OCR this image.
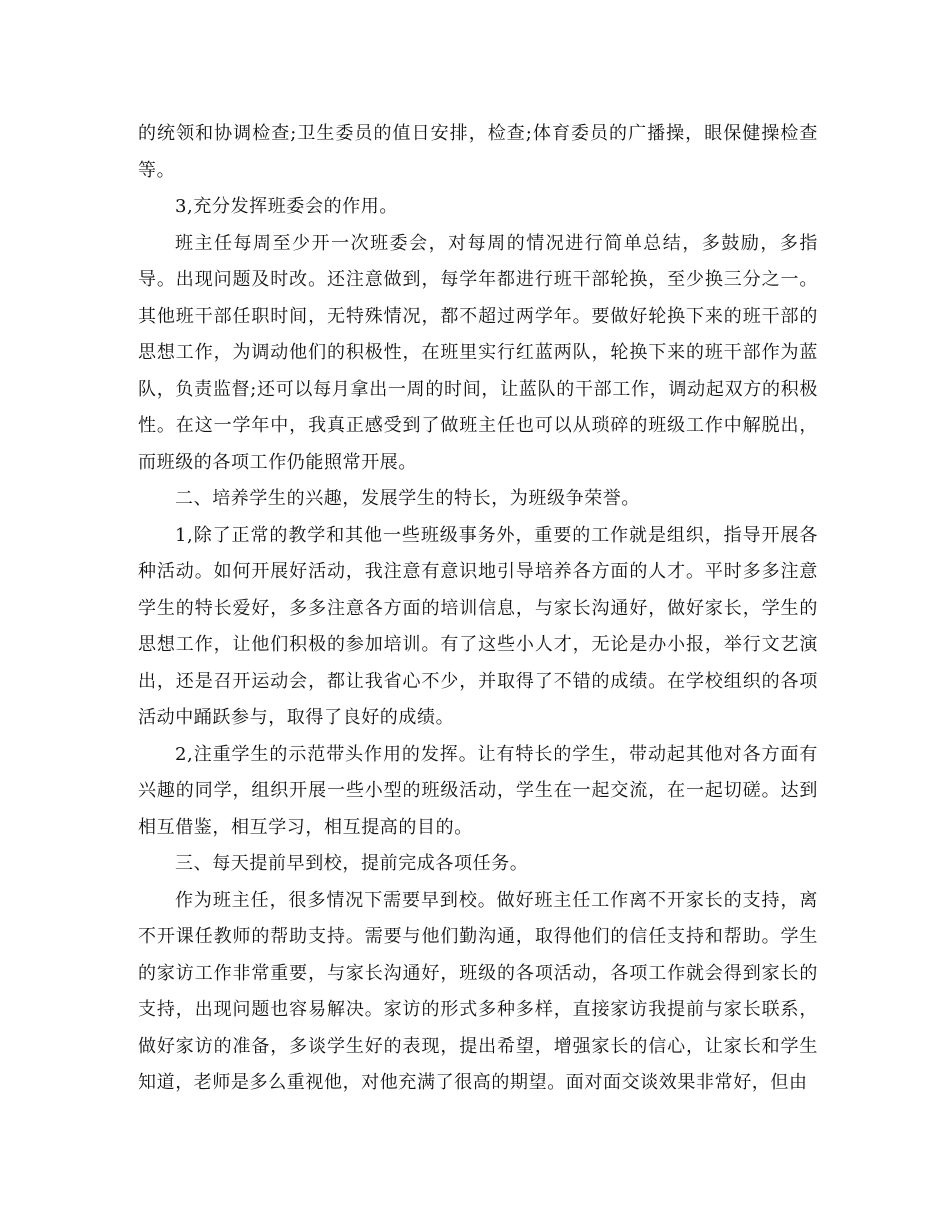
的统领和协调检查;卫生委员的值日安排，检查;体育委员的广播操，眼保健操检查等。

3,充分发挥班委会的作用。

班主任每周至少开一次班委会，对每周的情况进行简单总结，多鼓励，多指导。出现问题及时改。还注意做到，每学年都进行班干部轮换，至少换三分之一。其他班干部任职时间，无特殊情况，都不超过两学年。要做好轮换下来的班干部的思想工作，为调动他们的积极性，在班里实行红蓝两队，轮换下来的班干部作为蓝队，负责监督;还可以每月拿出一周的时间，让蓝队的干部工作，调动起双方的积极性。在这一学年中，我真正感受到了做班主任也可以从琐碎的班级工作中解脱出，而班级的各项工作仍能照常开展。

二、培养学生的兴趣，发展学生的特长，为班级争荣誉。

1,除了正常的教学和其他一些班级事务外，重要的工作就是组织，指导开展各种活动。如何开展好活动，我注意有意识地引导培养各方面的人才。平时多多注意学生的特长爱好，多多注意各方面的培训信息，与家长沟通好，做好家长，学生的思想工作，让他们积极的参加培训。有了这些小人才，无论是办小报，举行文艺演出，还是召开运动会，都让我省心不少，并取得了不错的成绩。在学校组织的各项活动中踊跃参与，取得了良好的成绩。

2,注重学生的示范带头作用的发挥。让有特长的学生，带动起其他对各方面有兴趣的同学，组织开展一些小型的班级活动，学生在一起交流，在一起切磋。达到相互借鉴，相互学习，相互提高的目的。

三、每天提前早到校，提前完成各项任务。

作为班主任，很多情况下需要早到校。做好班主任工作离不开家长的支持，离不开课任教师的帮助支持。需要与他们勤沟通，取得他们的信任支持和帮助。学生的家访工作非常重要，与家长沟通好，班级的各项活动，各项工作就会得到家长的支持，出现问题也容易解决。家访的形式多种多样，直接家访我提前与家长联系，做好家访的准备，多谈学生好的表现，提出希望，增强家长的信心，让家长和学生知道，老师是多么重视他，对他充满了很高的期望。面对面交谈效果非常好，但由
